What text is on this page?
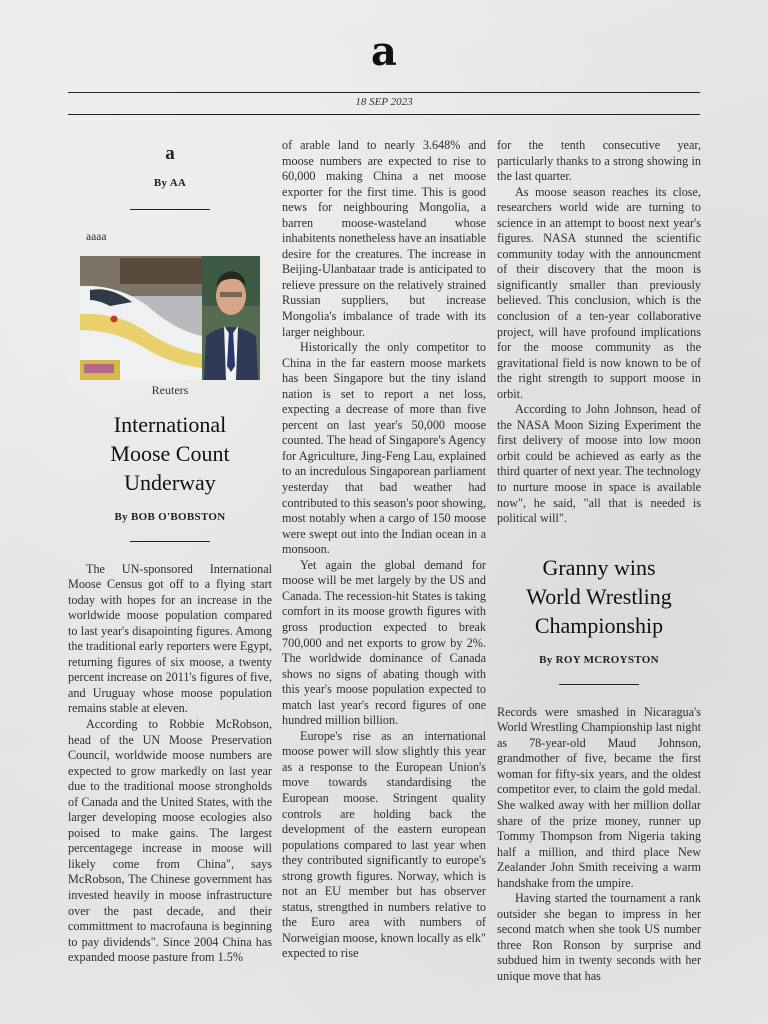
a
18 SEP 2023
a
By AA
aaaa
Reuters
International
Moose Count
Underway
By BOB O'BOBSTON

The UN-sponsored International Moose Census got off to a flying start today with hopes for an increase in the worldwide moose population compared to last year's disapointing figures. Among the traditional early reporters were Egypt, returning figures of six moose, a twenty percent increase on 2011's figures of five, and Uruguay whose moose population remains stable at eleven.

According to Robbie McRobson, head of the UN Moose Preservation Council, worldwide moose numbers are expected to grow markedly on last year due to the traditional moose strongholds of Canada and the United States, with the larger developing moose ecologies also poised to make gains. The largest percentagege increase in moose will likely come from China", says McRobson, The Chinese government has invested heavily in moose infrastructure over the past decade, and their committment to macrofauna is beginning to pay dividends". Since 2004 China has expanded moose pasture from 1.5%

of arable land to nearly 3.648% and moose numbers are expected to rise to 60,000 making China a net moose exporter for the first time. This is good news for neighbouring Mongolia, a barren moose-wasteland whose inhabitents nonetheless have an insatiable desire for the creatures. The increase in Beijing-Ulanbataar trade is anticipated to relieve pressure on the relatively strained Russian suppliers, but increase Mongolia's imbalance of trade with its larger neighbour.

Historically the only competitor to China in the far eastern moose markets has been Singapore but the tiny island nation is set to report a net loss, expecting a decrease of more than five percent on last year's 50,000 moose counted. The head of Singapore's Agency for Agriculture, Jing-Feng Lau, explained to an incredulous Singaporean parliament yesterday that bad weather had contributed to this season's poor showing, most notably when a cargo of 150 moose were swept out into the Indian ocean in a monsoon.

Yet again the global demand for moose will be met largely by the US and Canada. The recession-hit States is taking comfort in its moose growth figures with gross production expected to break 700,000 and net exports to grow by 2%. The worldwide dominance of Canada shows no signs of abating though with this year's moose population expected to match last year's record figures of one hundred million billion.

Europe's rise as an international moose power will slow slightly this year as a response to the European Union's move towards standardising the European moose. Stringent quality controls are holding back the development of the eastern european populations compared to last year when they contributed significantly to europe's strong growth figures. Norway, which is not an EU member but has observer status, strengthed in numbers relative to the Euro area with numbers of Norweigian moose, known locally as elk" expected to rise

for the tenth consecutive year, particularly thanks to a strong showing in the last quarter.

As moose season reaches its close, researchers world wide are turning to science in an attempt to boost next year's figures. NASA stunned the scientific community today with the announcment of their discovery that the moon is significantly smaller than previously believed. This conclusion, which is the conclusion of a ten-year collaborative project, will have profound implications for the moose community as the gravitational field is now known to be of the right strength to support moose in orbit.

According to John Johnson, head of the NASA Moon Sizing Experiment the first delivery of moose into low moon orbit could be achieved as early as the third quarter of next year. The technology to nurture moose in space is available now", he said, "all that is needed is political will".

Granny wins
World Wrestling
Championship
By ROY MCROYSTON

Records were smashed in Nicaragua's World Wrestling Championship last night as 78-year-old Maud Johnson, grandmother of five, became the first woman for fifty-six years, and the oldest competitor ever, to claim the gold medal. She walked away with her million dollar share of the prize money, runner up Tommy Thompson from Nigeria taking half a million, and third place New Zealander John Smith receiving a warm handshake from the umpire.

Having started the tournament a rank outsider she began to impress in her second match when she took US number three Ron Ronson by surprise and subdued him in twenty seconds with her unique move that has
